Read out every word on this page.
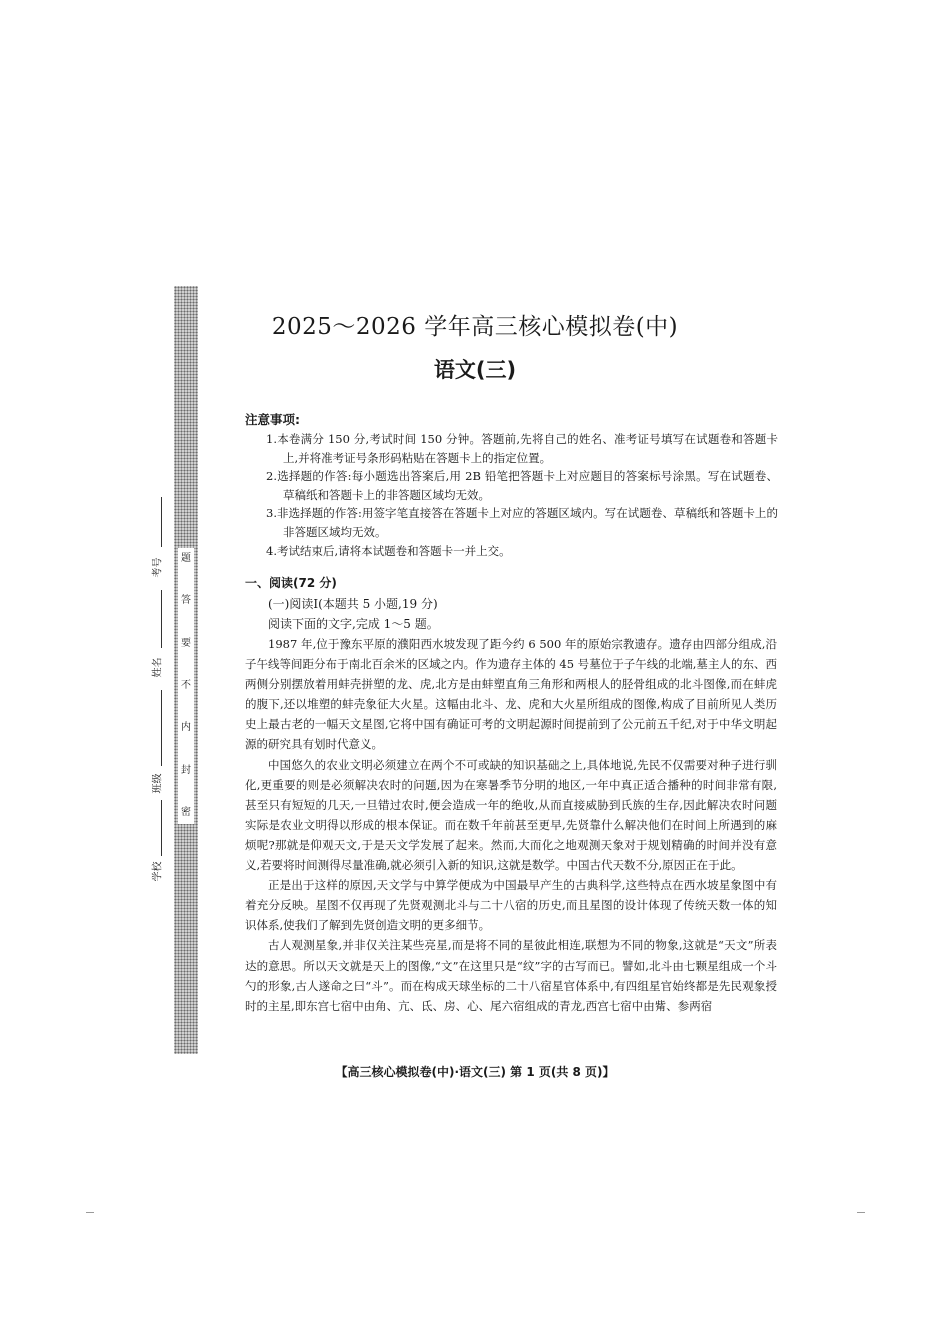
题
答
要
不
内
封
密
考号
姓名
班级
学校
2025～2026 学年高三核心模拟卷(中)
语文(三)
注意事项:
1.本卷满分 150 分,考试时间 150 分钟。答题前,先将自己的姓名、准考证号填写在试题卷和答题卡上,并将准考证号条形码粘贴在答题卡上的指定位置。
2.选择题的作答:每小题选出答案后,用 2B 铅笔把答题卡上对应题目的答案标号涂黑。写在试题卷、草稿纸和答题卡上的非答题区域均无效。
3.非选择题的作答:用签字笔直接答在答题卡上对应的答题区域内。写在试题卷、草稿纸和答题卡上的非答题区域均无效。
4.考试结束后,请将本试题卷和答题卡一并上交。
一、阅读(72 分)
(一)阅读Ⅰ(本题共 5 小题,19 分)
阅读下面的文字,完成 1～5 题。

1987 年,位于豫东平原的濮阳西水坡发现了距今约 6 500 年的原始宗教遗存。遗存由四部分组成,沿子午线等间距分布于南北百余米的区域之内。作为遗存主体的 45 号墓位于子午线的北端,墓主人的东、西两侧分别摆放着用蚌壳拼塑的龙、虎,北方是由蚌塑直角三角形和两根人的胫骨组成的北斗图像,而在蚌虎的腹下,还以堆塑的蚌壳象征大火星。这幅由北斗、龙、虎和大火星所组成的图像,构成了目前所见人类历史上最古老的一幅天文星图,它将中国有确证可考的文明起源时间提前到了公元前五千纪,对于中华文明起源的研究具有划时代意义。

中国悠久的农业文明必须建立在两个不可或缺的知识基础之上,具体地说,先民不仅需要对种子进行驯化,更重要的则是必须解决农时的问题,因为在寒暑季节分明的地区,一年中真正适合播种的时间非常有限,甚至只有短短的几天,一旦错过农时,便会造成一年的绝收,从而直接威胁到氏族的生存,因此解决农时问题实际是农业文明得以形成的根本保证。而在数千年前甚至更早,先贤靠什么解决他们在时间上所遇到的麻烦呢?那就是仰观天文,于是天文学发展了起来。然而,大而化之地观测天象对于规划精确的时间并没有意义,若要将时间测得尽量准确,就必须引入新的知识,这就是数学。中国古代天数不分,原因正在于此。

正是出于这样的原因,天文学与中算学便成为中国最早产生的古典科学,这些特点在西水坡星象图中有着充分反映。星图不仅再现了先贤观测北斗与二十八宿的历史,而且星图的设计体现了传统天数一体的知识体系,使我们了解到先贤创造文明的更多细节。

古人观测星象,并非仅关注某些亮星,而是将不同的星彼此相连,联想为不同的物象,这就是“天文”所表达的意思。所以天文就是天上的图像,“文”在这里只是“纹”字的古写而已。譬如,北斗由七颗星组成一个斗勺的形象,古人遂命之曰“斗”。而在构成天球坐标的二十八宿星官体系中,有四组星官始终都是先民观象授时的主星,即东宫七宿中由角、亢、氐、房、心、尾六宿组成的青龙,西宫七宿中由觜、参两宿

【高三核心模拟卷(中)·语文(三) 第 1 页(共 8 页)】
